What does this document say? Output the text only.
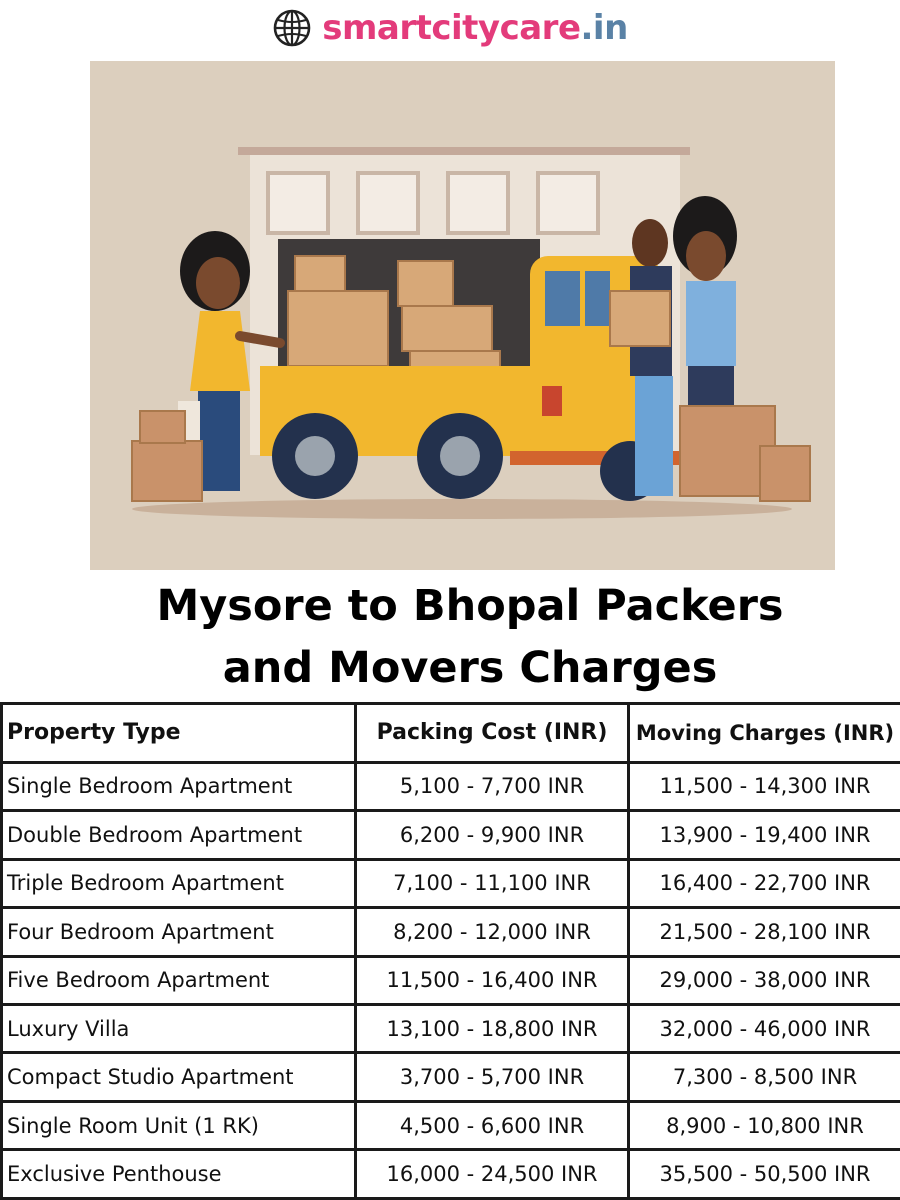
smartcitycare.in
Mysore to Bhopal Packers
and Movers Charges
Property Type	Packing Cost (INR)	Moving Charges (INR)
Single Bedroom Apartment	5,100 - 7,700 INR	11,500 - 14,300 INR
Double Bedroom Apartment	6,200 - 9,900 INR	13,900 - 19,400 INR
Triple Bedroom Apartment	7,100 - 11,100 INR	16,400 - 22,700 INR
Four Bedroom Apartment	8,200 - 12,000 INR	21,500 - 28,100 INR
Five Bedroom Apartment	11,500 - 16,400 INR	29,000 - 38,000 INR
Luxury Villa	13,100 - 18,800 INR	32,000 - 46,000 INR
Compact Studio Apartment	3,700 - 5,700 INR	7,300 - 8,500 INR
Single Room Unit (1 RK)	4,500 - 6,600 INR	8,900 - 10,800 INR
Exclusive Penthouse	16,000 - 24,500 INR	35,500 - 50,500 INR
